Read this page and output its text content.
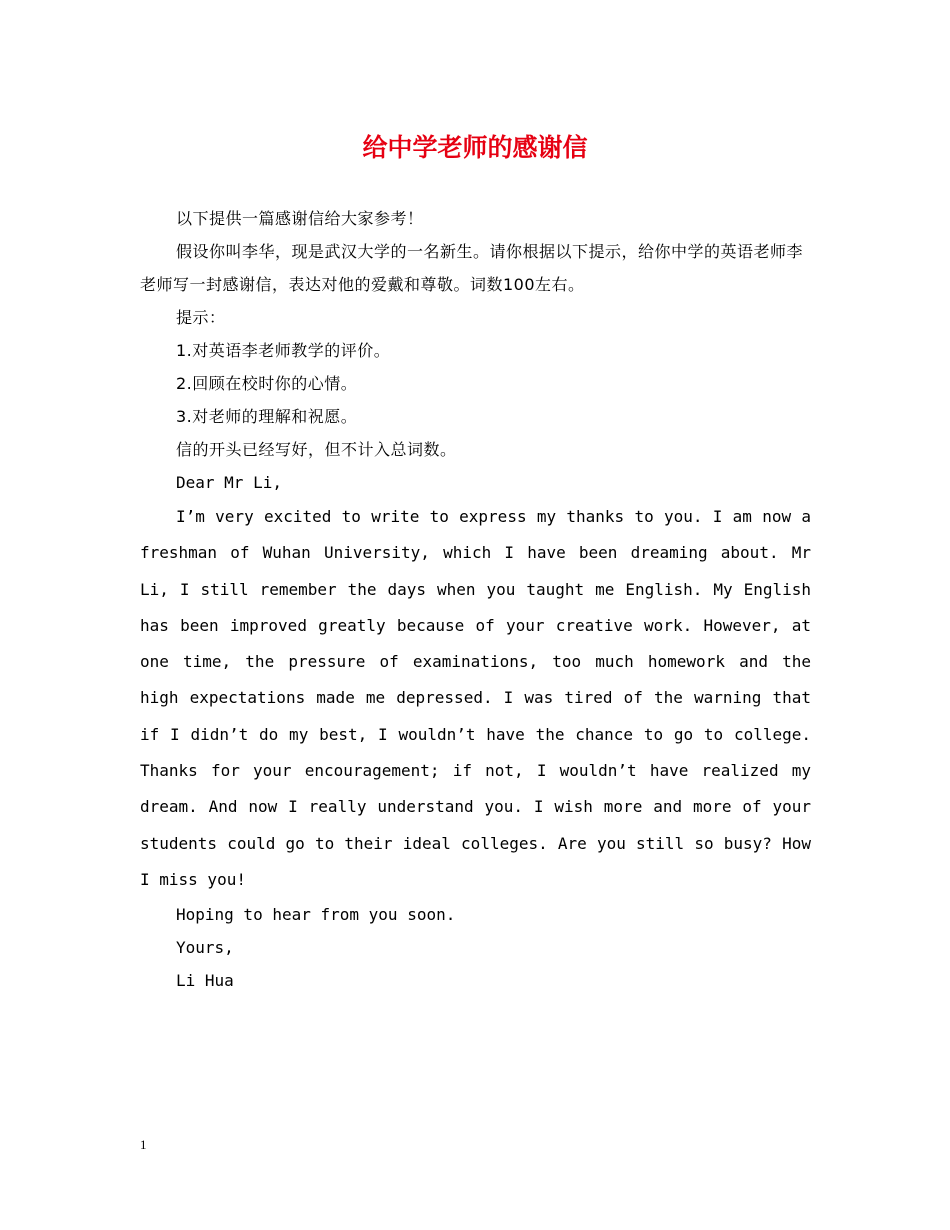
给中学老师的感谢信

以下提供一篇感谢信给大家参考！

假设你叫李华，现是武汉大学的一名新生。请你根据以下提示，给你中学的英语老师李老师写一封感谢信，表达对他的爱戴和尊敬。词数100左右。

提示：

1.对英语李老师教学的评价。

2.回顾在校时你的心情。

3.对老师的理解和祝愿。

信的开头已经写好，但不计入总词数。

Dear Mr Li,

I’m very excited to write to express my thanks to you. I am now a freshman of Wuhan University, which I have been dreaming about. Mr Li, I still remember the days when you taught me English. My English has been improved greatly because of your creative work. However, at one time, the pressure of examinations, too much homework and the high expectations made me depressed. I was tired of the warning that if I didn’t do my best, I wouldn’t have the chance to go to college. Thanks for your encouragement; if not, I wouldn’t have realized my dream. And now I really understand you. I wish more and more of your students could go to their ideal colleges. Are you still so busy? How I miss you!

Hoping to hear from you soon.

Yours,

Li Hua

1
